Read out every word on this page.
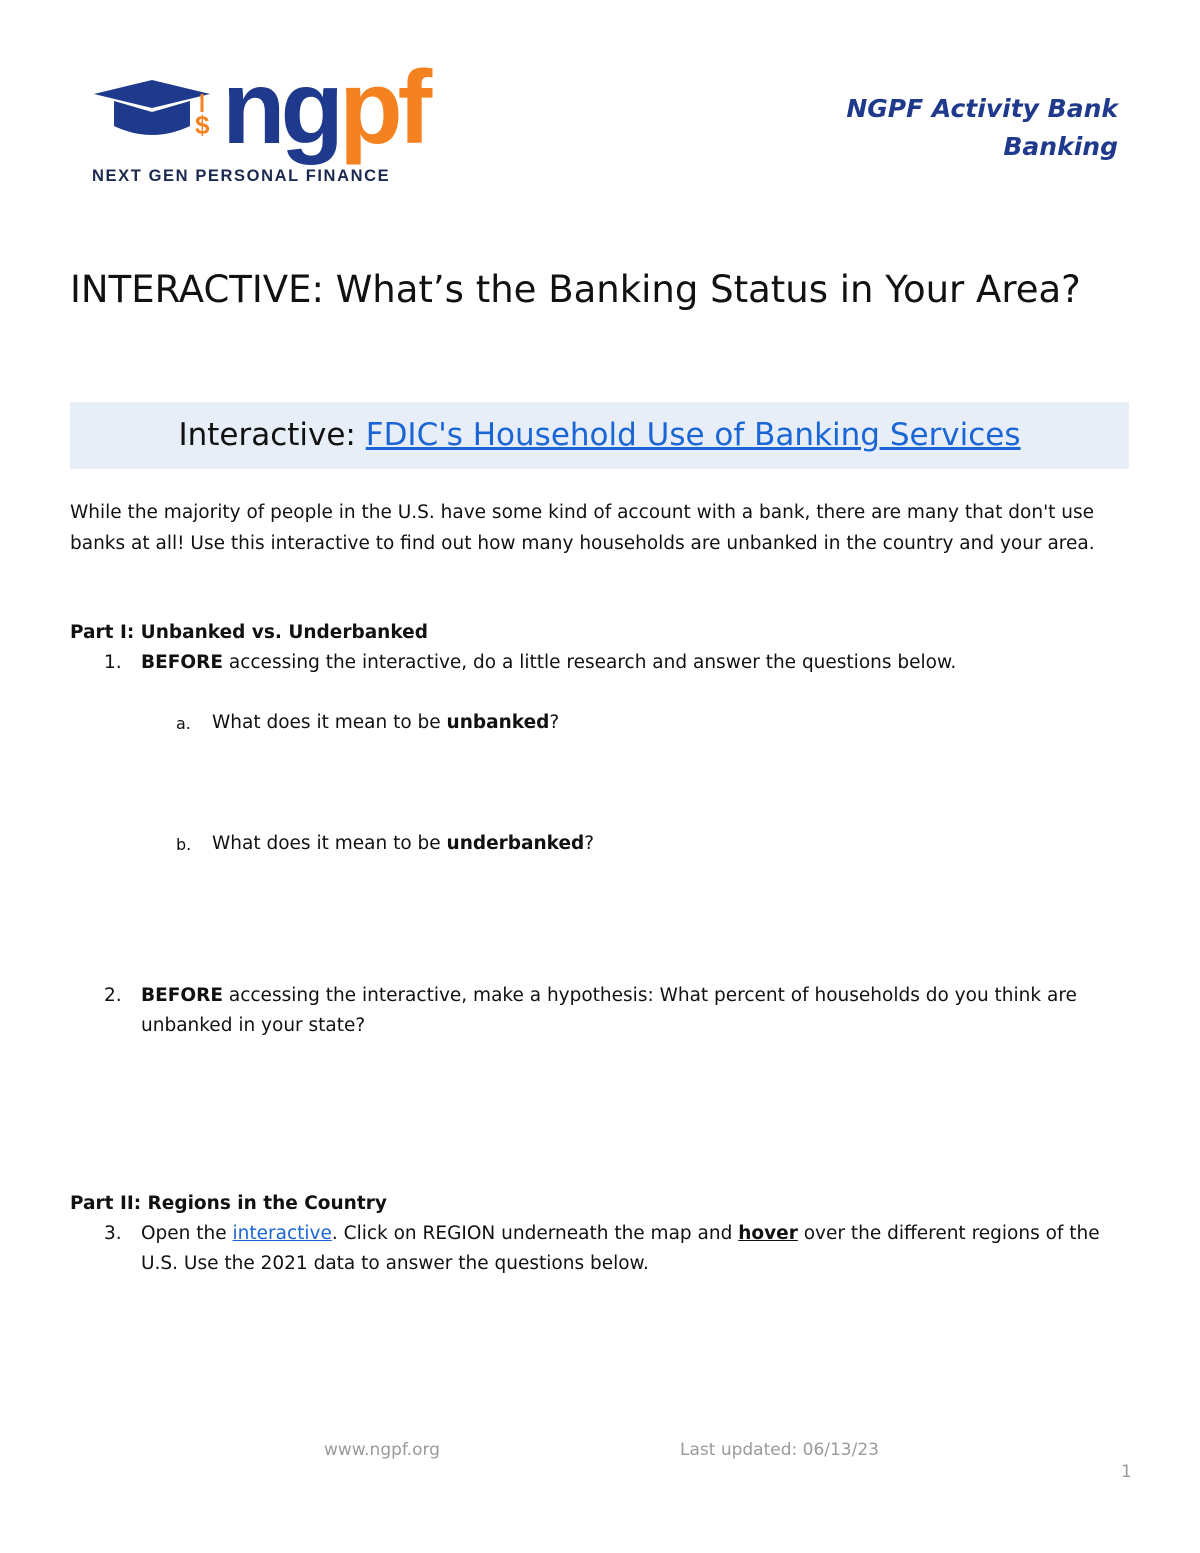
$ ngpf
NEXT GEN PERSONAL FINANCE
NGPF Activity Bank
Banking
INTERACTIVE: What’s the Banking Status in Your Area?
Interactive: FDIC's Household Use of Banking Services
While the majority of people in the U.S. have some kind of account with a bank, there are many that don't use banks at all! Use this interactive to find out how many households are unbanked in the country and your area.
Part I: Unbanked vs. Underbanked
1. BEFORE accessing the interactive, do a little research and answer the questions below.
a. What does it mean to be unbanked?
b. What does it mean to be underbanked?
2. BEFORE accessing the interactive, make a hypothesis: What percent of households do you think are unbanked in your state?
Part II: Regions in the Country
3. Open the interactive. Click on REGION underneath the map and hover over the different regions of the U.S. Use the 2021 data to answer the questions below.
www.ngpf.org	Last updated: 06/13/23
1
